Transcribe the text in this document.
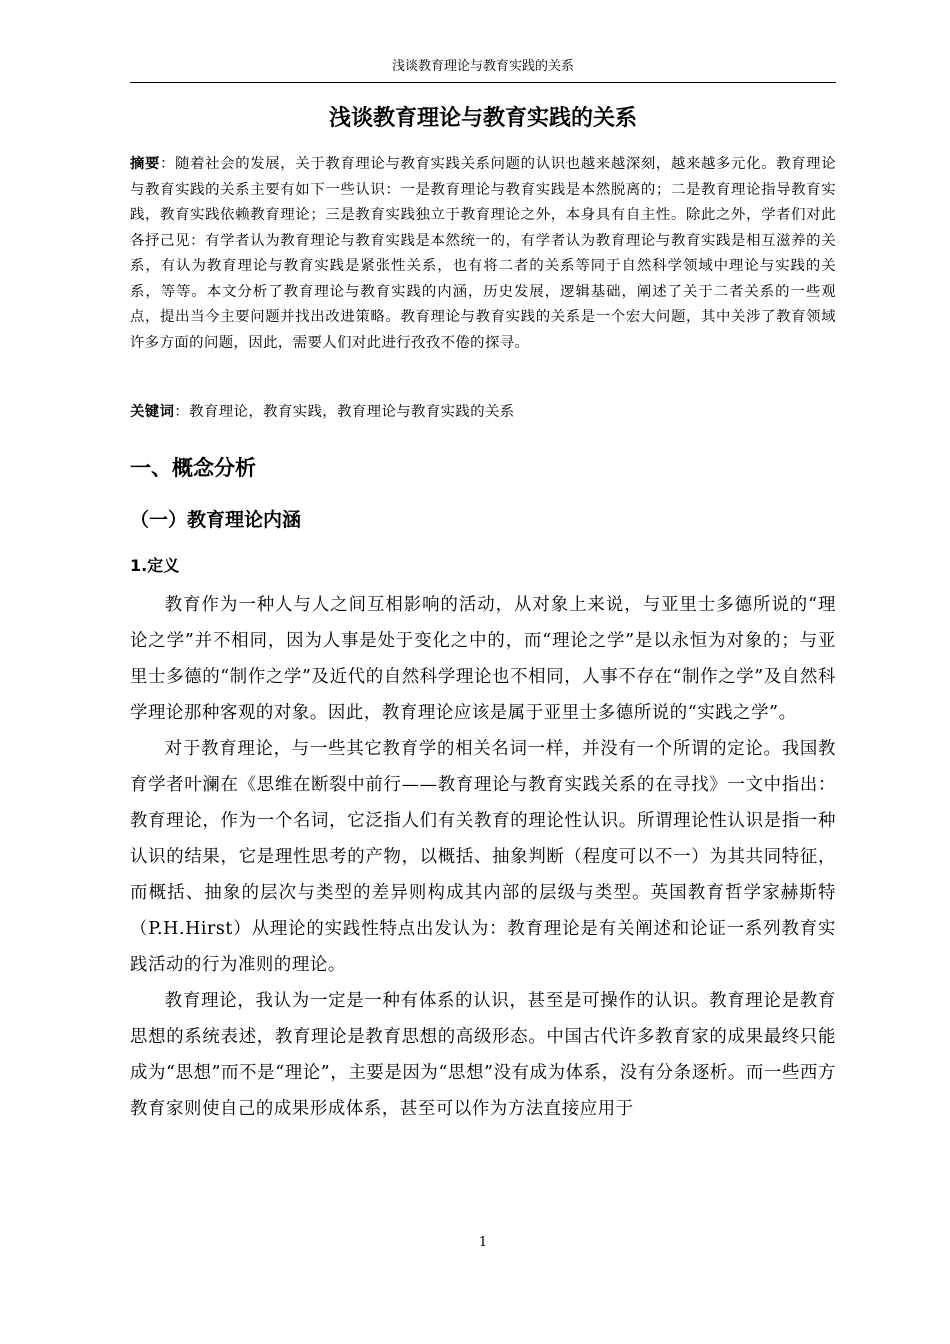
浅谈教育理论与教育实践的关系
浅谈教育理论与教育实践的关系

摘要：随着社会的发展，关于教育理论与教育实践关系问题的认识也越来越深刻，越来越多元化。教育理论与教育实践的关系主要有如下一些认识：一是教育理论与教育实践是本然脱离的；二是教育理论指导教育实践，教育实践依赖教育理论；三是教育实践独立于教育理论之外，本身具有自主性。除此之外，学者们对此各抒己见：有学者认为教育理论与教育实践是本然统一的，有学者认为教育理论与教育实践是相互滋养的关系，有认为教育理论与教育实践是紧张性关系，也有将二者的关系等同于自然科学领域中理论与实践的关系，等等。本文分析了教育理论与教育实践的内涵，历史发展，逻辑基础，阐述了关于二者关系的一些观点，提出当今主要问题并找出改进策略。教育理论与教育实践的关系是一个宏大问题，其中关涉了教育领域许多方面的问题，因此，需要人们对此进行孜孜不倦的探寻。

关键词：教育理论，教育实践，教育理论与教育实践的关系

一、概念分析
（一）教育理论内涵
1.定义

教育作为一种人与人之间互相影响的活动，从对象上来说，与亚里士多德所说的“理论之学”并不相同，因为人事是处于变化之中的，而“理论之学”是以永恒为对象的；与亚里士多德的“制作之学”及近代的自然科学理论也不相同，人事不存在“制作之学”及自然科学理论那种客观的对象。因此，教育理论应该是属于亚里士多德所说的“实践之学”。

对于教育理论，与一些其它教育学的相关名词一样，并没有一个所谓的定论。我国教育学者叶澜在《思维在断裂中前行——教育理论与教育实践关系的在寻找》一文中指出：教育理论，作为一个名词，它泛指人们有关教育的理论性认识。所谓理论性认识是指一种认识的结果，它是理性思考的产物，以概括、抽象判断（程度可以不一）为其共同特征，而概括、抽象的层次与类型的差异则构成其内部的层级与类型。英国教育哲学家赫斯特（P.H.Hirst）从理论的实践性特点出发认为：教育理论是有关阐述和论证一系列教育实践活动的行为准则的理论。

教育理论，我认为一定是一种有体系的认识，甚至是可操作的认识。教育理论是教育思想的系统表述，教育理论是教育思想的高级形态。中国古代许多教育家的成果最终只能成为“思想”而不是“理论”，主要是因为“思想”没有成为体系，没有分条逐析。而一些西方教育家则使自己的成果形成体系，甚至可以作为方法直接应用于

1
